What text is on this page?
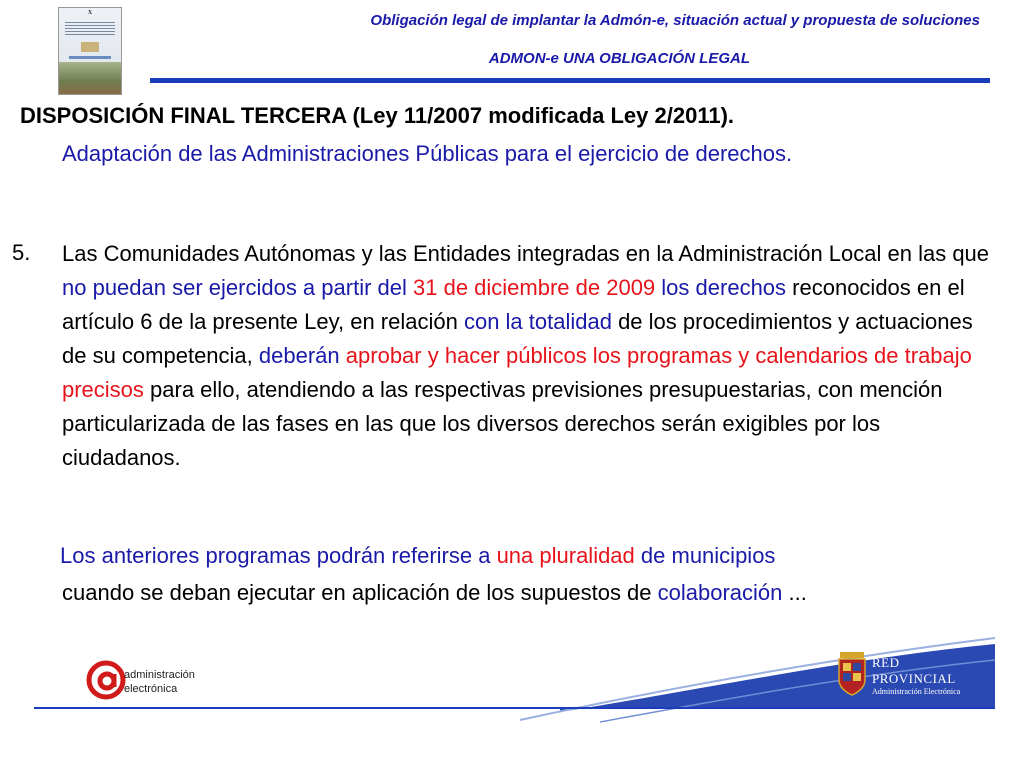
X	Obligación legal de implantar la Admón-e, situación actual y propuesta de soluciones
ADMON-e UNA OBLIGACIÓN LEGAL
DISPOSICIÓN FINAL TERCERA (Ley 11/2007 modificada Ley 2/2011).
Adaptación de las Administraciones Públicas para el ejercicio de derechos.
5. Las Comunidades Autónomas y las Entidades integradas en la Administración Local en las que no puedan ser ejercidos a partir del 31 de diciembre de 2009 los derechos reconocidos en el artículo 6 de la presente Ley, en relación con la totalidad de los procedimientos y actuaciones de su competencia, deberán aprobar y hacer públicos los programas y calendarios de trabajo precisos para ello, atendiendo a las respectivas previsiones presupuestarias, con mención particularizada de las fases en las que los diversos derechos serán exigibles por los ciudadanos.
Los anteriores programas podrán referirse a una pluralidad de municipios
cuando se deban ejecutar en aplicación de los supuestos de colaboración ...
administración
electrónica
RED
PROVINCIAL
Administración Electrónica
